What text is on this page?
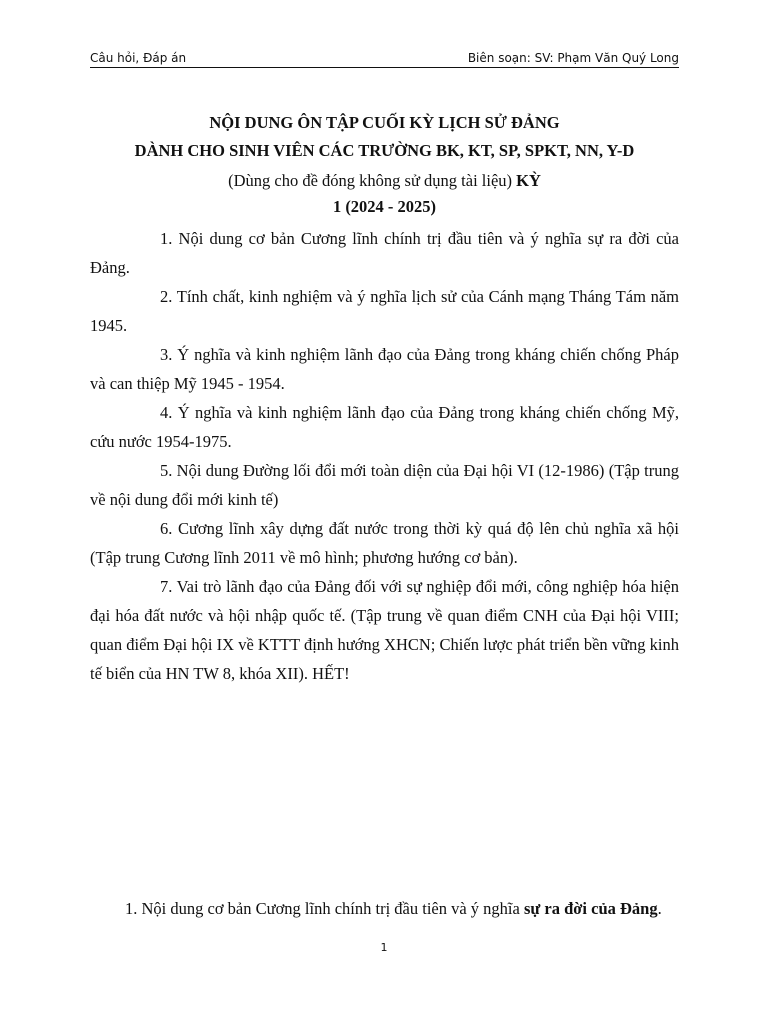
Câu hỏi, Đáp án	Biên soạn: SV: Phạm Văn Quý Long
NỘI DUNG ÔN TẬP CUỐI KỲ LỊCH SỬ ĐẢNG
DÀNH CHO SINH VIÊN CÁC TRƯỜNG BK, KT, SP, SPKT, NN, Y-D
(Dùng cho đề đóng không sử dụng tài liệu) KỲ
1 (2024 - 2025)

1. Nội dung cơ bản Cương lĩnh chính trị đầu tiên và ý nghĩa sự ra đời của Đảng.

2. Tính chất, kinh nghiệm và ý nghĩa lịch sử của Cánh mạng Tháng Tám năm 1945.

3. Ý nghĩa và kinh nghiệm lãnh đạo của Đảng trong kháng chiến chống Pháp và can thiệp Mỹ 1945 - 1954.

4. Ý nghĩa và kinh nghiệm lãnh đạo của Đảng trong kháng chiến chống Mỹ, cứu nước 1954-1975.

5. Nội dung Đường lối đổi mới toàn diện của Đại hội VI (12-1986) (Tập trung về nội dung đổi mới kinh tế)

6. Cương lĩnh xây dựng đất nước trong thời kỳ quá độ lên chủ nghĩa xã hội (Tập trung Cương lĩnh 2011 về mô hình; phương hướng cơ bản).

7. Vai trò lãnh đạo của Đảng đối với sự nghiệp đổi mới, công nghiệp hóa hiện đại hóa đất nước và hội nhập quốc tế. (Tập trung về quan điểm CNH của Đại hội VIII; quan điểm Đại hội IX về KTTT định hướng XHCN; Chiến lược phát triển bền vững kinh tế biển của HN TW 8, khóa XII). HẾT!

1. Nội dung cơ bản Cương lĩnh chính trị đầu tiên và ý nghĩa sự ra đời của Đảng.
1
